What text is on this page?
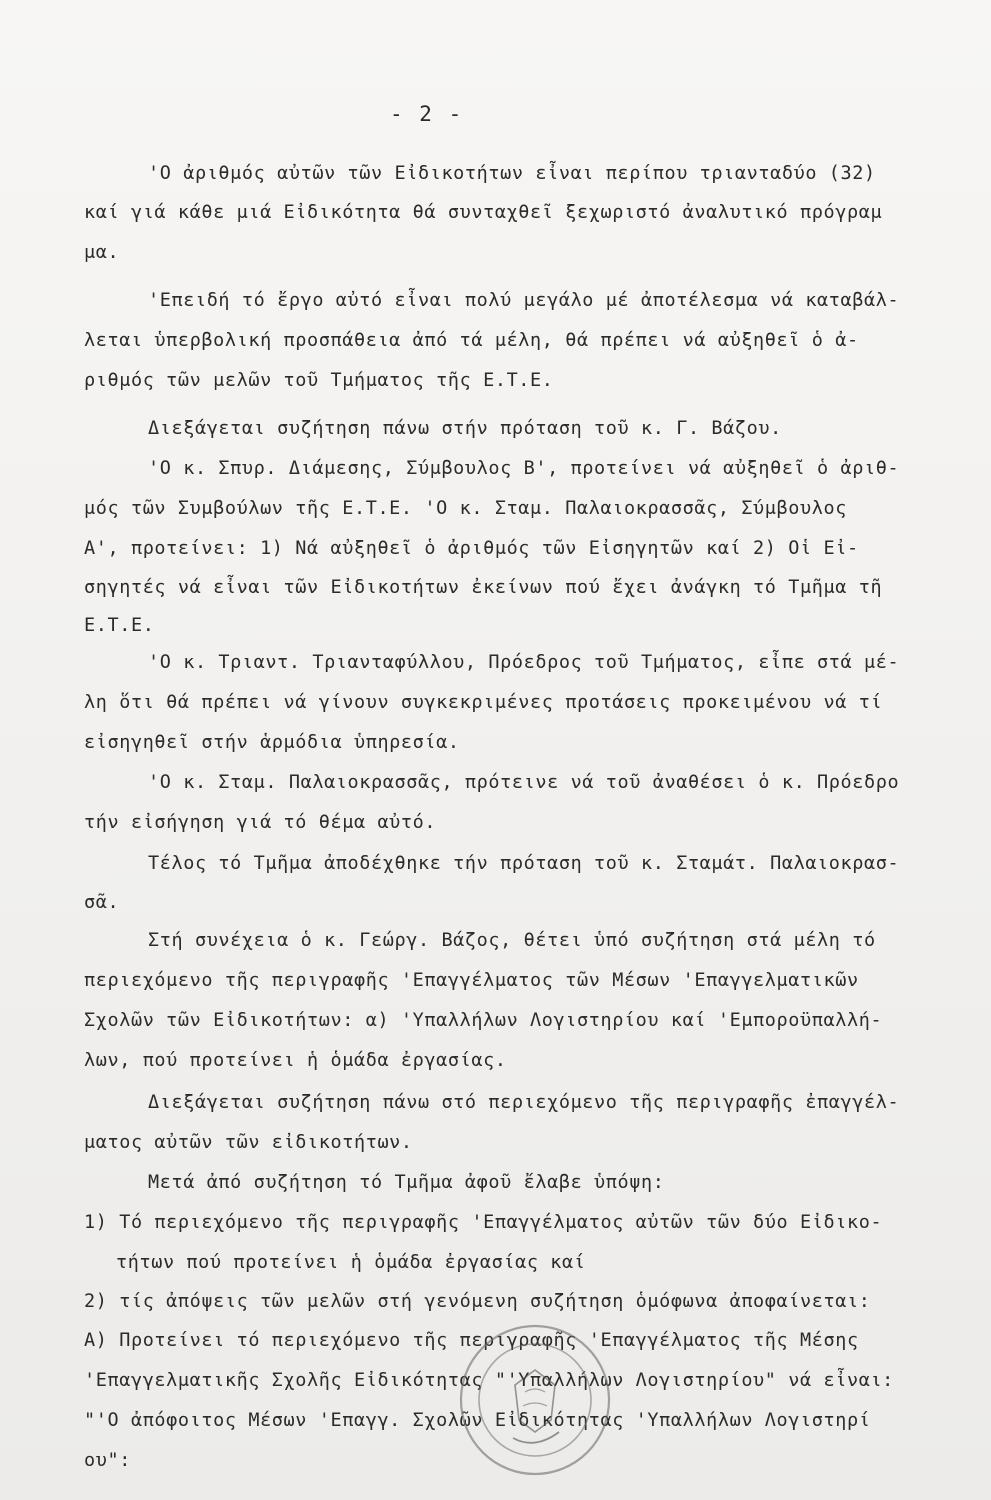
- 2 -
'Ο ἀριθμός αὐτῶν τῶν Εἰδικοτήτων εἶναι περίπου τριανταδύο (32)
καί γιά κάθε μιά Εἰδικότητα θά συνταχθεῖ ξεχωριστό ἀναλυτικό πρόγραμ
μα.
'Επειδή τό ἔργο αὐτό εἶναι πολύ μεγάλο μέ ἀποτέλεσμα νά καταβάλ-
λεται ὑπερβολική προσπάθεια ἀπό τά μέλη, θά πρέπει νά αὐξηθεῖ ὁ ἀ-
ριθμός τῶν μελῶν τοῦ Τμήματος τῆς Ε.Τ.Ε.
Διεξάγεται συζήτηση πάνω στήν πρόταση τοῦ κ. Γ. Βάζου.
'Ο κ. Σπυρ. Διάμεσης, Σύμβουλος Β', προτείνει νά αὐξηθεῖ ὁ ἀριθ-
μός τῶν Συμβούλων τῆς Ε.Τ.Ε. 'Ο κ. Σταμ. Παλαιοκρασσᾶς, Σύμβουλος
Α', προτείνει: 1) Νά αὐξηθεῖ ὁ ἀριθμός τῶν Εἰσηγητῶν καί 2) Οἱ Εἰ-
σηγητές νά εἶναι τῶν Εἰδικοτήτων ἐκείνων πού ἔχει ἀνάγκη τό Τμῆμα τῆ
Ε.Τ.Ε.
'Ο κ. Τριαντ. Τριανταφύλλου, Πρόεδρος τοῦ Τμήματος, εἶπε στά μέ-
λη ὅτι θά πρέπει νά γίνουν συγκεκριμένες προτάσεις προκειμένου νά τί
εἰσηγηθεῖ στήν ἁρμόδια ὑπηρεσία.
'Ο κ. Σταμ. Παλαιοκρασσᾶς, πρότεινε νά τοῦ ἀναθέσει ὁ κ. Πρόεδρο
τήν εἰσήγηση γιά τό θέμα αὐτό.
Τέλος τό Τμῆμα ἀποδέχθηκε τήν πρόταση τοῦ κ. Σταμάτ. Παλαιοκρασ-
σᾶ.
Στή συνέχεια ὁ κ. Γεώργ. Βάζος, θέτει ὑπό συζήτηση στά μέλη τό
περιεχόμενο τῆς περιγραφῆς 'Επαγγέλματος τῶν Μέσων 'Επαγγελματικῶν
Σχολῶν τῶν Εἰδικοτήτων: α) 'Υπαλλήλων Λογιστηρίου καί 'Εμποροϋπαλλή-
λων, πού προτείνει ἡ ὁμάδα ἐργασίας.
Διεξάγεται συζήτηση πάνω στό περιεχόμενο τῆς περιγραφῆς ἐπαγγέλ-
ματος αὐτῶν τῶν εἰδικοτήτων.
Μετά ἀπό συζήτηση τό Τμῆμα ἀφοῦ ἔλαβε ὑπόψη:
1) Τό περιεχόμενο τῆς περιγραφῆς 'Επαγγέλματος αὐτῶν τῶν δύο Εἰδικο-
τήτων πού προτείνει ἡ ὁμάδα ἐργασίας καί
2) τίς ἀπόψεις τῶν μελῶν στή γενόμενη συζήτηση ὁμόφωνα ἀποφαίνεται:
Α) Προτείνει τό περιεχόμενο τῆς περιγραφῆς 'Επαγγέλματος τῆς Μέσης
'Επαγγελματικῆς Σχολῆς Εἰδικότητας "'Υπαλλήλων Λογιστηρίου" νά εἶναι:
"'Ο ἀπόφοιτος Μέσων 'Επαγγ. Σχολῶν Εἰδικότητας 'Υπαλλήλων Λογιστηρί
ου":
